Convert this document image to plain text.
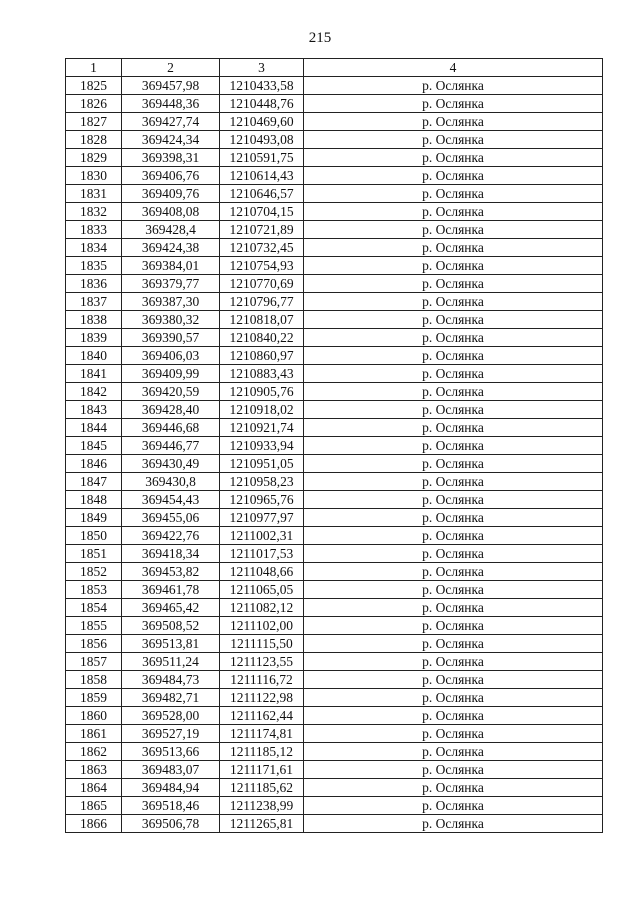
215
1	2	3	4
1825	369457,98	1210433,58	р. Ослянка
1826	369448,36	1210448,76	р. Ослянка
1827	369427,74	1210469,60	р. Ослянка
1828	369424,34	1210493,08	р. Ослянка
1829	369398,31	1210591,75	р. Ослянка
1830	369406,76	1210614,43	р. Ослянка
1831	369409,76	1210646,57	р. Ослянка
1832	369408,08	1210704,15	р. Ослянка
1833	369428,4	1210721,89	р. Ослянка
1834	369424,38	1210732,45	р. Ослянка
1835	369384,01	1210754,93	р. Ослянка
1836	369379,77	1210770,69	р. Ослянка
1837	369387,30	1210796,77	р. Ослянка
1838	369380,32	1210818,07	р. Ослянка
1839	369390,57	1210840,22	р. Ослянка
1840	369406,03	1210860,97	р. Ослянка
1841	369409,99	1210883,43	р. Ослянка
1842	369420,59	1210905,76	р. Ослянка
1843	369428,40	1210918,02	р. Ослянка
1844	369446,68	1210921,74	р. Ослянка
1845	369446,77	1210933,94	р. Ослянка
1846	369430,49	1210951,05	р. Ослянка
1847	369430,8	1210958,23	р. Ослянка
1848	369454,43	1210965,76	р. Ослянка
1849	369455,06	1210977,97	р. Ослянка
1850	369422,76	1211002,31	р. Ослянка
1851	369418,34	1211017,53	р. Ослянка
1852	369453,82	1211048,66	р. Ослянка
1853	369461,78	1211065,05	р. Ослянка
1854	369465,42	1211082,12	р. Ослянка
1855	369508,52	1211102,00	р. Ослянка
1856	369513,81	1211115,50	р. Ослянка
1857	369511,24	1211123,55	р. Ослянка
1858	369484,73	1211116,72	р. Ослянка
1859	369482,71	1211122,98	р. Ослянка
1860	369528,00	1211162,44	р. Ослянка
1861	369527,19	1211174,81	р. Ослянка
1862	369513,66	1211185,12	р. Ослянка
1863	369483,07	1211171,61	р. Ослянка
1864	369484,94	1211185,62	р. Ослянка
1865	369518,46	1211238,99	р. Ослянка
1866	369506,78	1211265,81	р. Ослянка
